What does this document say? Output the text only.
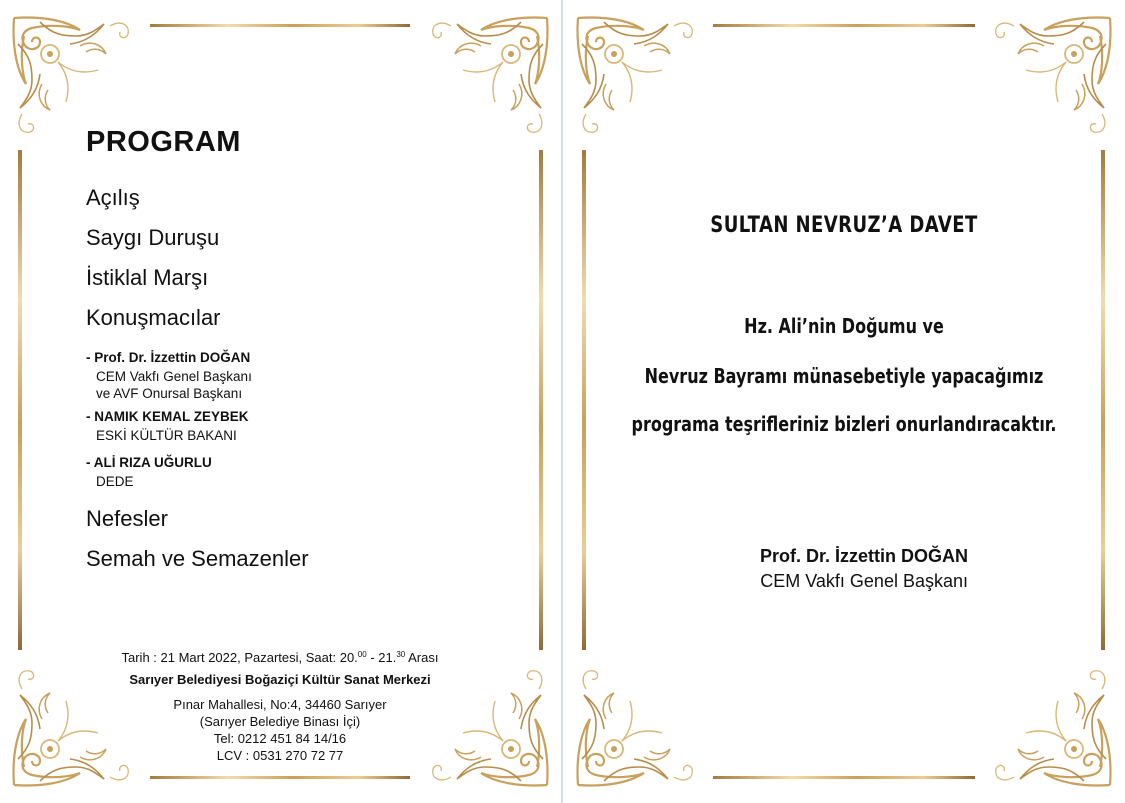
PROGRAM
Açılış
Saygı Duruşu
İstiklal Marşı
Konuşmacılar
- Prof. Dr. İzzettin DOĞAN
CEM Vakfı Genel Başkanı
ve AVF Onursal Başkanı
- NAMIK KEMAL ZEYBEK
ESKİ KÜLTÜR BAKANI
- ALİ RIZA UĞURLU
DEDE
Nefesler
Semah ve Semazenler
Tarih : 21 Mart 2022, Pazartesi, Saat: 20.00 - 21.30 Arası
Sarıyer Belediyesi Boğaziçi Kültür Sanat Merkezi
Pınar Mahallesi, No:4, 34460 Sarıyer
(Sarıyer Belediye Binası İçi)
Tel: 0212 451 84 14/16
LCV : 0531 270 72 77
SULTAN NEVRUZ’A DAVET
Hz. Ali’nin Doğumu ve
Nevruz Bayramı münasebetiyle yapacağımız
programa teşrifleriniz bizleri onurlandıracaktır.
Prof. Dr. İzzettin DOĞAN
CEM Vakfı Genel Başkanı
